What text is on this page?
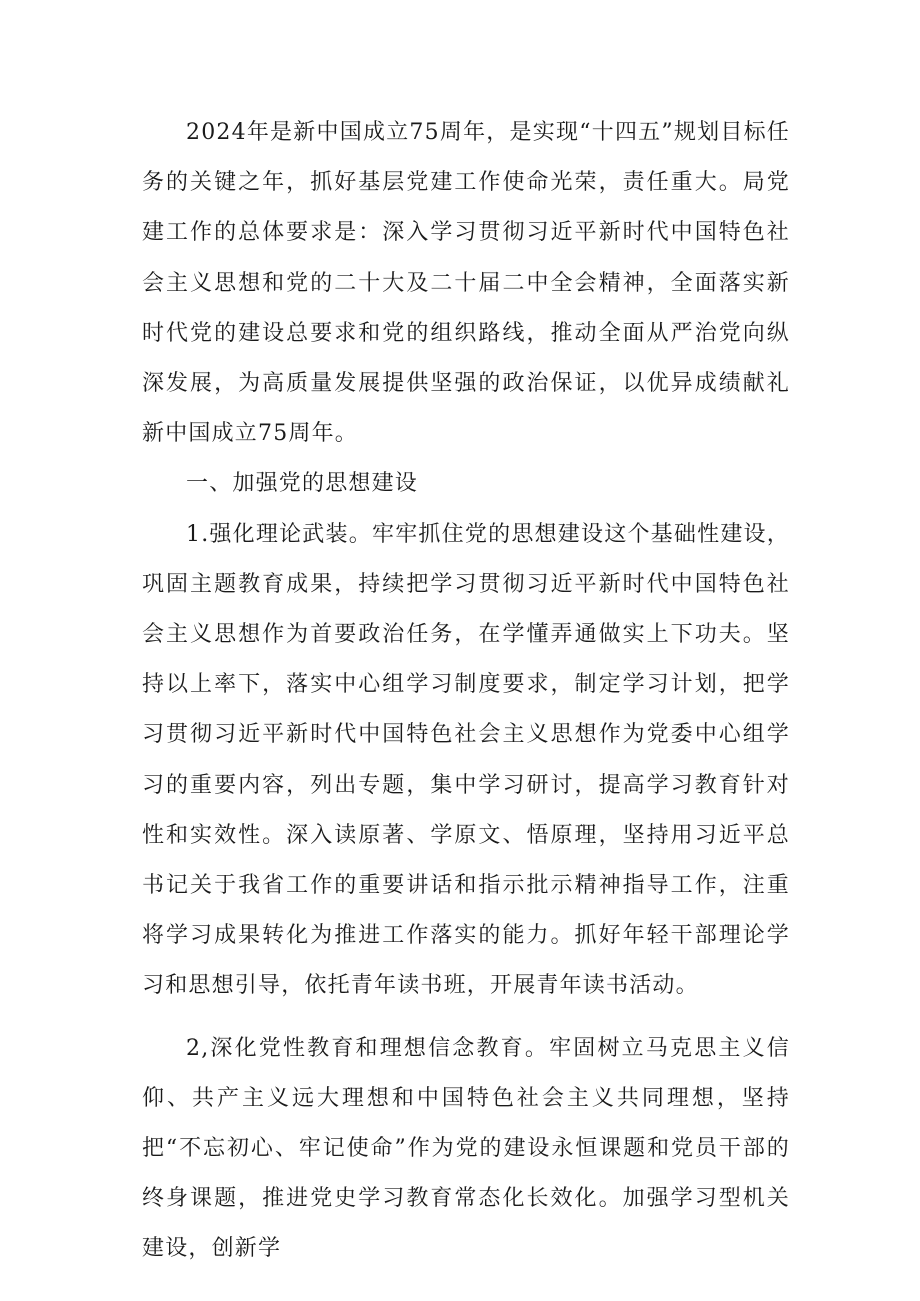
2024年是新中国成立75周年，是实现“十四五”规划目标任务的关键之年，抓好基层党建工作使命光荣，责任重大。局党建工作的总体要求是：深入学习贯彻习近平新时代中国特色社会主义思想和党的二十大及二十届二中全会精神，全面落实新时代党的建设总要求和党的组织路线，推动全面从严治党向纵深发展，为高质量发展提供坚强的政治保证，以优异成绩献礼新中国成立75周年。

一、加强党的思想建设

1.强化理论武装。牢牢抓住党的思想建设这个基础性建设，巩固主题教育成果，持续把学习贯彻习近平新时代中国特色社会主义思想作为首要政治任务，在学懂弄通做实上下功夫。坚持以上率下，落实中心组学习制度要求，制定学习计划，把学习贯彻习近平新时代中国特色社会主义思想作为党委中心组学习的重要内容，列出专题，集中学习研讨，提高学习教育针对性和实效性。深入读原著、学原文、悟原理，坚持用习近平总书记关于我省工作的重要讲话和指示批示精神指导工作，注重将学习成果转化为推进工作落实的能力。抓好年轻干部理论学习和思想引导，依托青年读书班，开展青年读书活动。

2,深化党性教育和理想信念教育。牢固树立马克思主义信仰、共产主义远大理想和中国特色社会主义共同理想，坚持把“不忘初心、牢记使命”作为党的建设永恒课题和党员干部的终身课题，推进党史学习教育常态化长效化。加强学习型机关建设，创新学
